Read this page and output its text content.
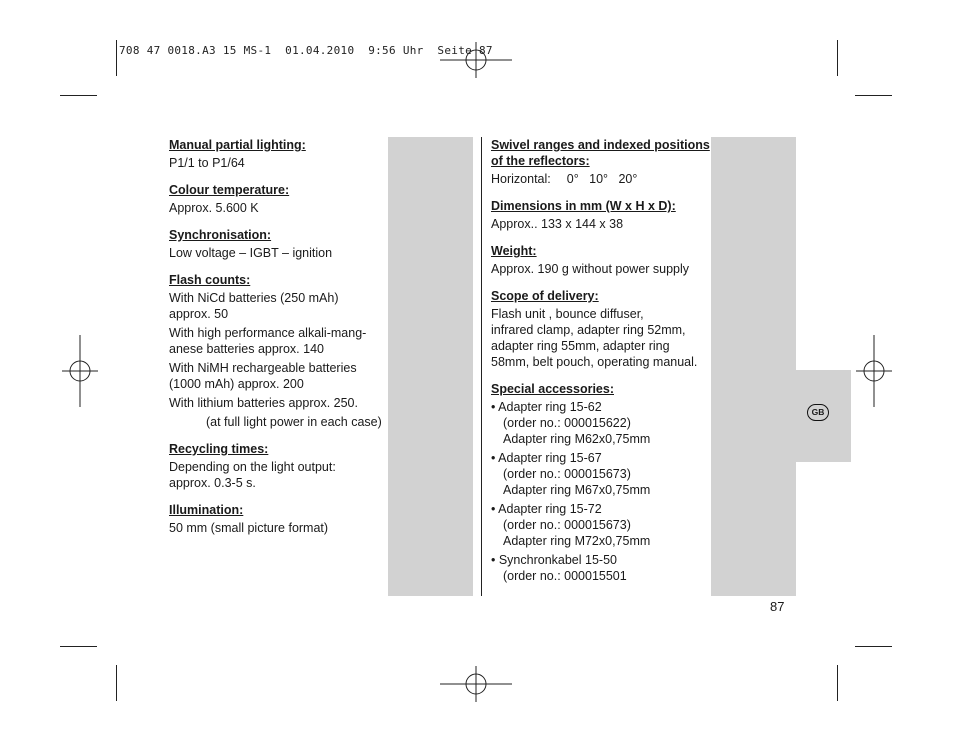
708 47 0018.A3 15 MS-1  01.04.2010  9:56 Uhr  Seite 87
GB
Manual partial lighting:
P1/1 to P1/64
Colour temperature:
Approx. 5.600 K
Synchronisation:
Low voltage – IGBT – ignition
Flash counts:
With NiCd batteries (250 mAh)
approx. 50
With high performance alkali-mang-
anese batteries approx. 140
With NiMH rechargeable batteries
(1000 mAh) approx. 200
With lithium batteries approx. 250.
(at full light power in each case)
Recycling times:
Depending on the light output:
approx. 0.3-5 s.
Illumination:
50 mm (small picture format)
Swivel ranges and indexed positions
of the reflectors:
Horizontal: 0°   10°   20°
Dimensions in mm (W x H x D):
Approx.. 133 x 144 x 38
Weight:
Approx. 190 g without power supply
Scope of delivery:
Flash unit , bounce diffuser,
infrared clamp, adapter ring 52mm,
adapter ring 55mm, adapter ring
58mm, belt pouch, operating manual.
Special accessories:
• Adapter ring 15-62
(order no.: 000015622)
Adapter ring M62x0,75mm
• Adapter ring 15-67
(order no.: 000015673)
Adapter ring M67x0,75mm
• Adapter ring 15-72
(order no.: 000015673)
Adapter ring M72x0,75mm
• Synchronkabel 15-50
(order no.: 000015501
87
